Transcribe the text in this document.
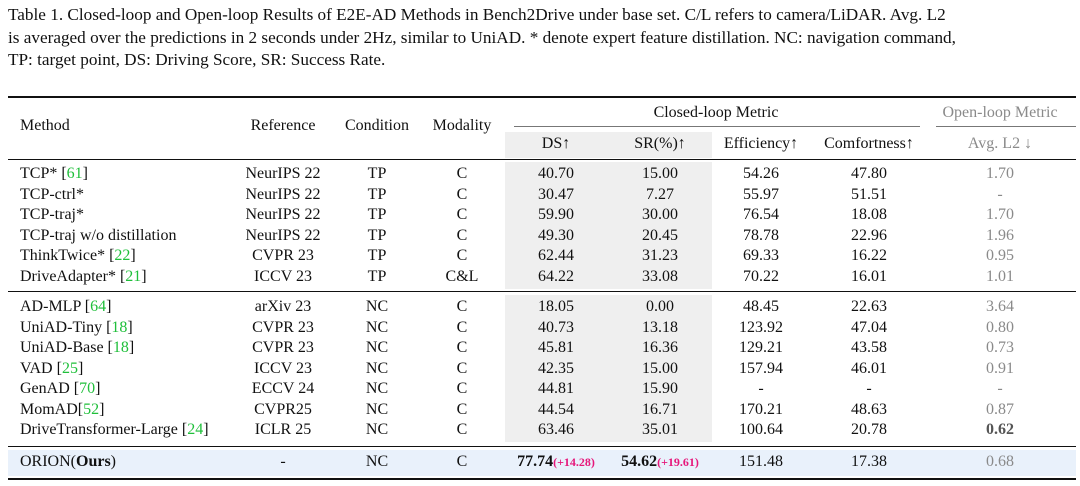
Table 1. Closed-loop and Open-loop Results of E2E-AD Methods in Bench2Drive under base set. C/L refers to camera/LiDAR. Avg. L2
is averaged over the predictions in 2 seconds under 2Hz, similar to UniAD. * denote expert feature distillation. NC: navigation command,
TP: target point, DS: Driving Score, SR: Success Rate.
Method	Reference Condition Modality
Closed-loop Metric	Open-loop Metric
DS↑	SR(%)↑ Efficiency↑ Comfortness↑	Avg. L2 ↓
TCP* [61]	NeurIPS 22	TP	C	40.70	15.00	54.26	47.80	1.70
TCP-ctrl*	NeurIPS 22	TP	C	30.47	7.27	55.97	51.51	-
TCP-traj*	NeurIPS 22	TP	C	59.90	30.00	76.54	18.08	1.70
TCP-traj w/o distillation	NeurIPS 22	TP	C	49.30	20.45	78.78	22.96	1.96
ThinkTwice* [22]	CVPR 23	TP	C	62.44	31.23	69.33	16.22	0.95
DriveAdapter* [21]	ICCV 23	TP	C&L	64.22	33.08	70.22	16.01	1.01
AD-MLP [64]	arXiv 23	NC	C	18.05	0.00	48.45	22.63	3.64
UniAD-Tiny [18]	CVPR 23	NC	C	40.73	13.18	123.92	47.04	0.80
UniAD-Base [18]	CVPR 23	NC	C	45.81	16.36	129.21	43.58	0.73
VAD [25]	ICCV 23	NC	C	42.35	15.00	157.94	46.01	0.91
GenAD [70]	ECCV 24	NC	C	44.81	15.90	-	-	-
MomAD[52]	CVPR25	NC	C	44.54	16.71	170.21	48.63	0.87
DriveTransformer-Large [24]	ICLR 25	NC	C	63.46	35.01	100.64	20.78	0.62
ORION(Ours)	-	NC	C	77.74(+14.28) 54.62(+19.61)	151.48	17.38	0.68
